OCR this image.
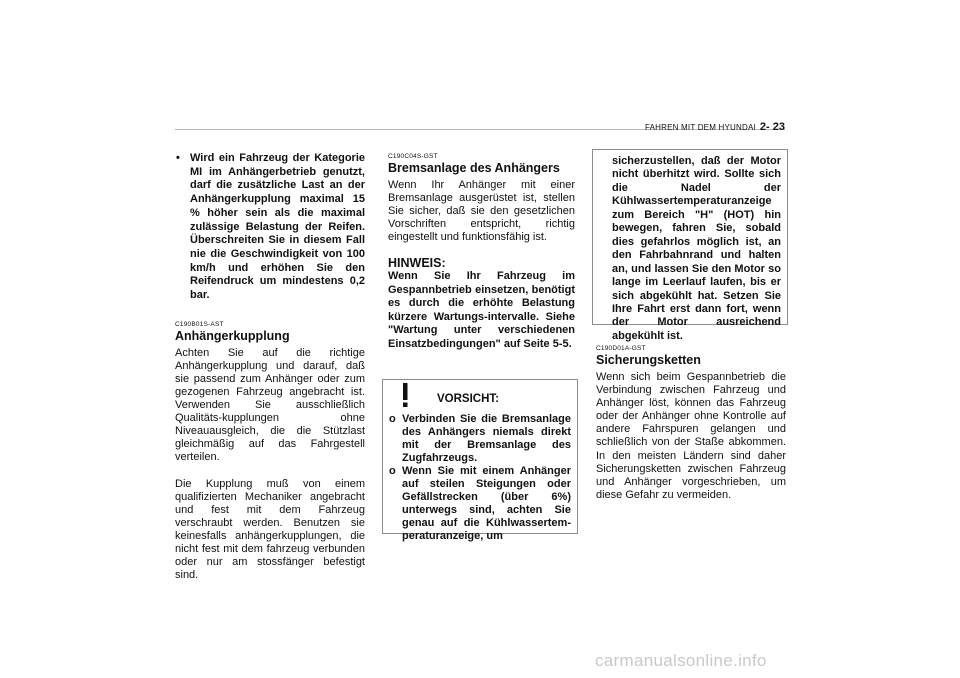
FAHREN MIT DEM HYUNDAI 2- 23
• Wird ein Fahrzeug der Kategorie MI im Anhängerbetrieb genutzt, darf die zusätzliche Last an der Anhängerkupplung maximal 15 % höher sein als die maximal zulässige Belastung der Reifen. Überschreiten Sie in diesem Fall nie die Geschwindigkeit von 100 km/h und erhöhen Sie den Reifendruck um mindestens 0,2 bar.
C190B01S-AST
Anhängerkupplung
Achten Sie auf die richtige Anhängerkupplung und darauf, daß sie passend zum Anhänger oder zum gezogenen Fahrzeug angebracht ist. Verwenden Sie ausschließlich Qualitäts-kupplungen ohne Niveauausgleich, die die Stützlast gleichmäßig auf das Fahrgestell verteilen.
Die Kupplung muß von einem qualifizierten Mechaniker angebracht und fest mit dem Fahrzeug verschraubt werden. Benutzen sie keinesfalls anhängerkupplungen, die nicht fest mit dem fahrzeug verbunden oder nur am stossfänger befestigt sind.
C190C04S-GST
Bremsanlage des Anhängers
Wenn Ihr Anhänger mit einer Bremsanlage ausgerüstet ist, stellen Sie sicher, daß sie den gesetzlichen Vorschriften entspricht, richtig eingestellt und funktionsfähig ist.
HINWEIS:
Wenn Sie Ihr Fahrzeug im Gespannbetrieb einsetzen, benötigt es durch die erhöhte Belastung kürzere Wartungs-intervalle. Siehe "Wartung unter verschiedenen Einsatzbedingungen" auf Seite 5-5.
VORSICHT:
o Verbinden Sie die Bremsanlage des Anhängers niemals direkt mit der Bremsanlage des Zugfahrzeugs.
o Wenn Sie mit einem Anhänger auf steilen Steigungen oder Gefällstrecken (über 6%) unterwegs sind, achten Sie genau auf die Kühlwassertem-peraturanzeige, um
sicherzustellen, daß der Motor nicht überhitzt wird. Sollte sich die Nadel der Kühlwassertemperaturanzeige zum Bereich "H" (HOT) hin bewegen, fahren Sie, sobald dies gefahrlos möglich ist, an den Fahrbahnrand und halten an, und lassen Sie den Motor so lange im Leerlauf laufen, bis er sich abgekühlt hat. Setzen Sie Ihre Fahrt erst dann fort, wenn der Motor ausreichend abgekühlt ist.
C190D01A-GST
Sicherungsketten
Wenn sich beim Gespannbetrieb die Verbindung zwischen Fahrzeug und Anhänger löst, können das Fahrzeug oder der Anhänger ohne Kontrolle auf andere Fahrspuren gelangen und schließlich von der Staße abkommen. In den meisten Ländern sind daher Sicherungsketten zwischen Fahrzeug und Anhänger vorgeschrieben, um diese Gefahr zu vermeiden.
carmanualsonline.info
